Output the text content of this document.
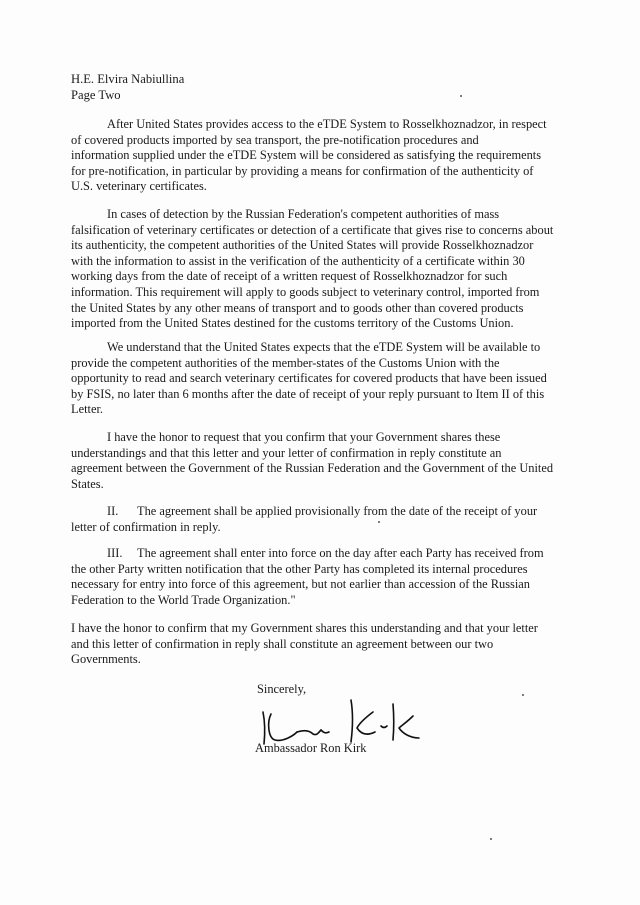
H.E. Elvira Nabiullina
Page Two
After United States provides access to the eTDE System to Rosselkhoznadzor, in respect
of covered products imported by sea transport, the pre-notification procedures and
information supplied under the eTDE System will be considered as satisfying the requirements
for pre-notification, in particular by providing a means for confirmation of the authenticity of
U.S. veterinary certificates.
In cases of detection by the Russian Federation's competent authorities of mass
falsification of veterinary certificates or detection of a certificate that gives rise to concerns about
its authenticity, the competent authorities of the United States will provide Rosselkhoznadzor
with the information to assist in the verification of the authenticity of a certificate within 30
working days from the date of receipt of a written request of Rosselkhoznadzor for such
information. This requirement will apply to goods subject to veterinary control, imported from
the United States by any other means of transport and to goods other than covered products
imported from the United States destined for the customs territory of the Customs Union.
We understand that the United States expects that the eTDE System will be available to
provide the competent authorities of the member-states of the Customs Union with the
opportunity to read and search veterinary certificates for covered products that have been issued
by FSIS, no later than 6 months after the date of receipt of your reply pursuant to Item II of this
Letter.
I have the honor to request that you confirm that your Government shares these
understandings and that this letter and your letter of confirmation in reply constitute an
agreement between the Government of the Russian Federation and the Government of the United
States.
II. The agreement shall be applied provisionally from the date of the receipt of your
letter of confirmation in reply.
III. The agreement shall enter into force on the day after each Party has received from
the other Party written notification that the other Party has completed its internal procedures
necessary for entry into force of this agreement, but not earlier than accession of the Russian
Federation to the World Trade Organization."
I have the honor to confirm that my Government shares this understanding and that your letter
and this letter of confirmation in reply shall constitute an agreement between our two
Governments.
Sincerely,
Ambassador Ron Kirk
